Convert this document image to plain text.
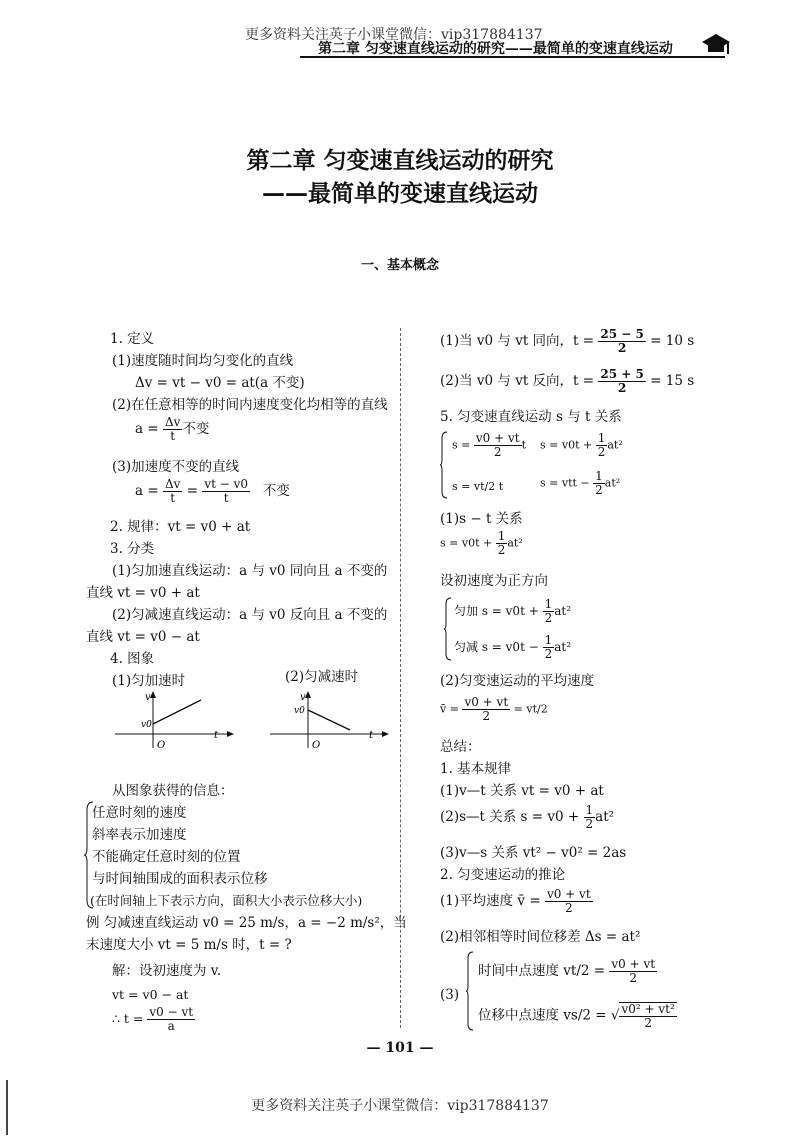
更多资料关注英子小课堂微信：vip317884137
第二章 匀变速直线运动的研究——最简单的变速直线运动
第二章 匀变速直线运动的研究
——最简单的变速直线运动
一、基本概念
1. 定义
(1)速度随时间均匀变化的直线
Δv = vt − v0 = at(a 不变)
(2)在任意相等的时间内速度变化均相等的直线
$a = \frac{\Delta v}{t}$ 不变
(3)加速度不变的直线
$a = \frac{\Delta v}{t} = \frac{vt - v0}{t}$ 不变
2. 规律：vt = v0 + at
3. 分类
(1)匀加速直线运动：a 与 v0 同向且 a 不变的
直线 vt = v0 + at
(2)匀减速直线运动：a 与 v0 反向且 a 不变的
直线 vt = v0 − at
4. 图象
(1)匀加速时	(2)匀减速时
v
v0
O
t
v
v0
O
t
从图象获得的信息：
任意时刻的速度
斜率表示加速度
不能确定任意时刻的位置
与时间轴围成的面积表示位移
(在时间轴上下表示方向，面积大小表示位移大小)
例 匀减速直线运动 v0 = 25 m/s，a = −2 m/s²，当
末速度大小 vt = 5 m/s 时，t = ?
解：设初速度为 v.
vt = v0 − at
∴ $t = \frac{v0 - vt}{a}$
(1)当 v0 与 vt 同向，$t = \frac{25 - 5}{2} = 10$ s
(2)当 v0 与 vt 反向，$t = \frac{25 + 5}{2} = 15$ s
5. 匀变速直线运动 s 与 t 关系
$s = \frac{v0 + vt}{2}$ t $s = v0t + \frac{1}{2} at^2$
s = vt/2 t	s = vtt − $\frac{1}{2} at^2$
(1)s − t 关系
$s = v0t + \frac{1}{2} at^2$
设初速度为正方向
匀加 $s = v0t + \frac{1}{2} at^2$
匀减 $s = v0t - \frac{1}{2} at^2$
(2)匀变速运动的平均速度
v̄ = $\frac{v0 + vt}{2} = vt/2$
总结：
1. 基本规律
(1)v—t 关系 vt = v0 + at
(2)s—t 关系 $s = v0 + \frac{1}{2} at^2$
(3)v—s 关系 vt² − v0² = 2as
2. 匀变速运动的推论
(1)平均速度 v̄ = $\frac{v0 + vt}{2}$
(2)相邻相等时间位移差 Δs = at²
(3)
时间中点速度 $vt/2 = \frac{v0 + vt}{2}$
位移中点速度 vs/2 = √ $\frac{\text{v0² + vt²}}{2}$
— 101 —
更多资料关注英子小课堂微信：vip317884137
